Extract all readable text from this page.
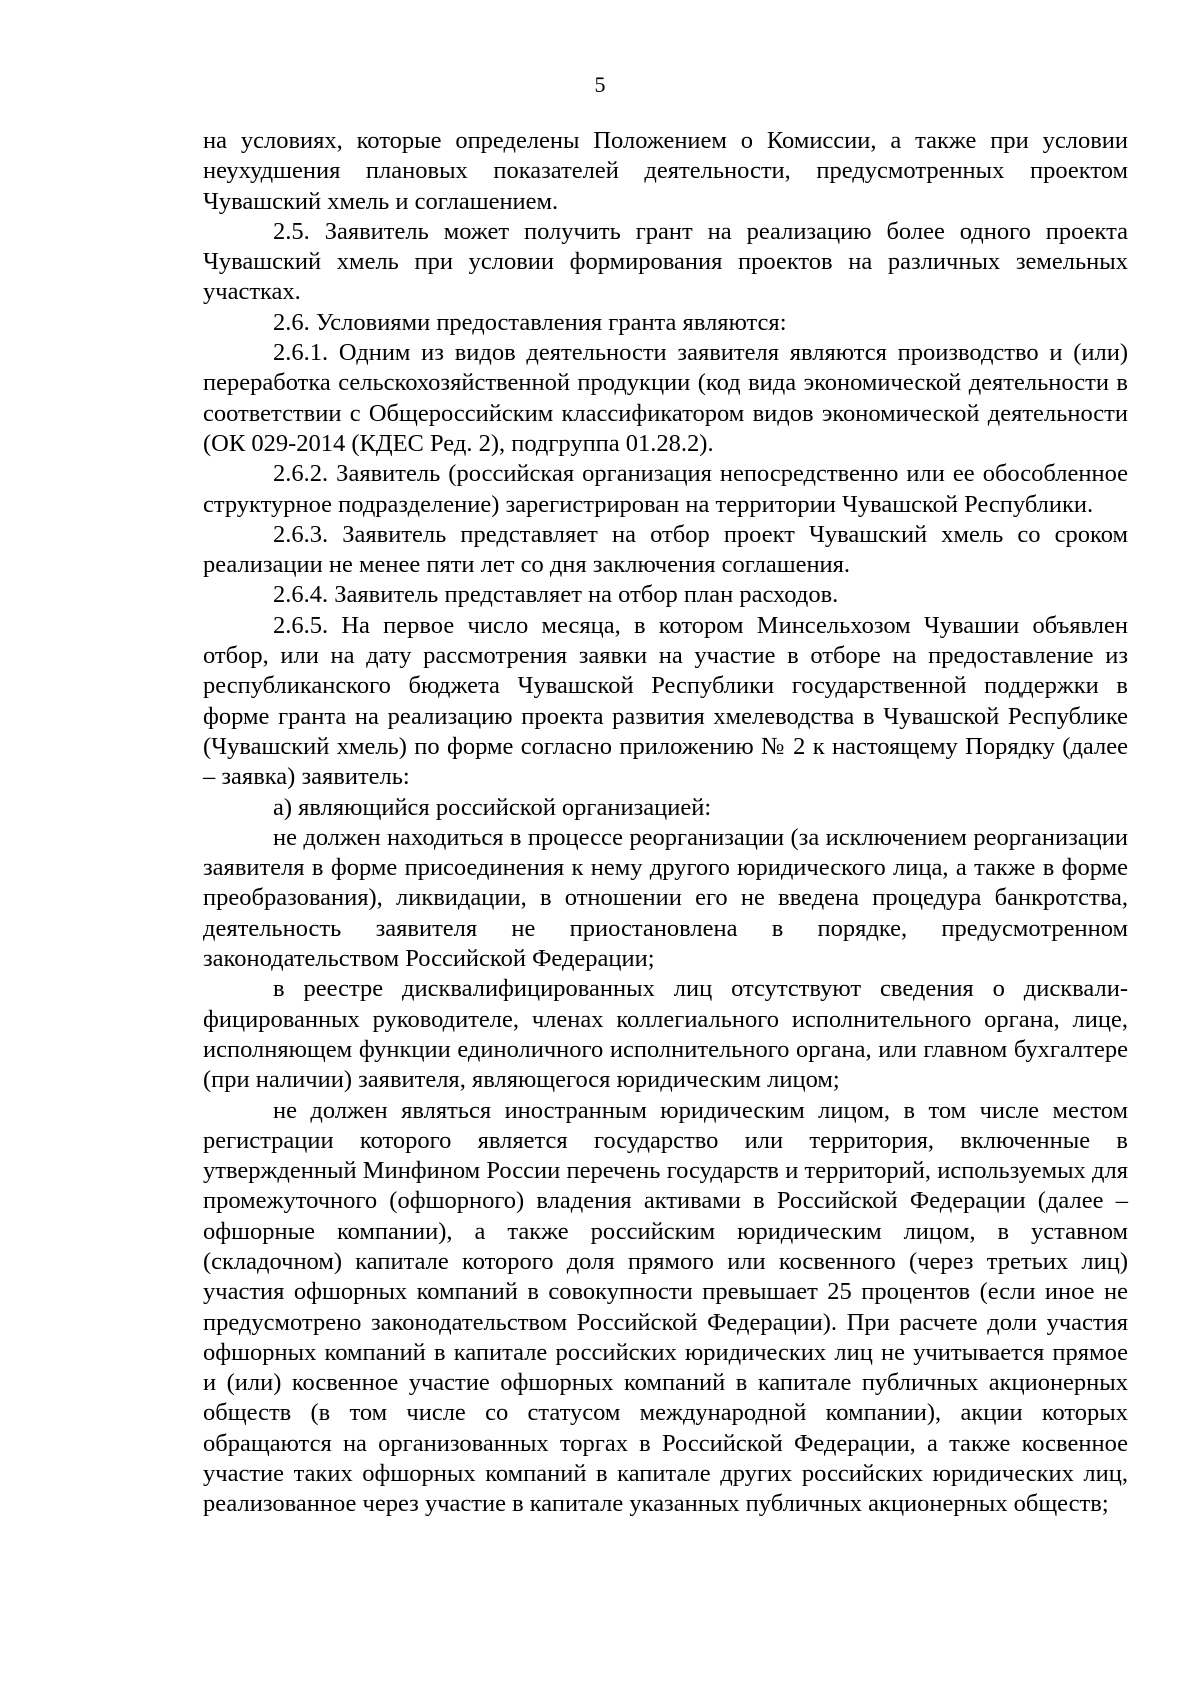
5

на условиях, которые определены Положением о Комиссии, а также при условии неухудшения плановых показателей деятельности, предусмотренных проектом Чувашский хмель и соглашением.

2.5. Заявитель может получить грант на реализацию более одного проекта Чувашский хмель при условии формирования проектов на различных земельных участках.

2.6. Условиями предоставления гранта являются:

2.6.1. Одним из видов деятельности заявителя являются производство и (или) переработка сельскохозяйственной продукции (код вида экономической деятельности в соответствии с Общероссийским классификатором видов экономической деятельности (ОК 029-2014 (КДЕС Ред. 2), подгруппа 01.28.2).

2.6.2. Заявитель (российская организация непосредственно или ее обособленное структурное подразделение) зарегистрирован на территории Чувашской Республики.

2.6.3. Заявитель представляет на отбор проект Чувашский хмель со сроком реализации не менее пяти лет со дня заключения соглашения.

2.6.4. Заявитель представляет на отбор план расходов.

2.6.5. На первое число месяца, в котором Минсельхозом Чувашии объявлен отбор, или на дату рассмотрения заявки на участие в отборе на предоставление из республиканского бюджета Чувашской Республики государственной поддержки в форме гранта на реализацию проекта развития хмелеводства в Чувашской Республике (Чувашский хмель) по форме согласно приложению № 2 к настоящему Порядку (далее – заявка) заявитель:

а) являющийся российской организацией:

не должен находиться в процессе реорганизации (за исключением реорганизации заявителя в форме присоединения к нему другого юридического лица, а также в форме преобразования), ликвидации, в отношении его не введена процедура банкротства, деятельность заявителя не приостановлена в порядке, предусмотренном законодательством Российской Федерации;

в реестре дисквалифицированных лиц отсутствуют сведения о дисквалифицированных руководителе, членах коллегиального исполнительного органа, лице, исполняющем функции единоличного исполнительного органа, или главном бухгалтере (при наличии) заявителя, являющегося юридическим лицом;

не должен являться иностранным юридическим лицом, в том числе местом регистрации которого является государство или территория, включенные в утвержденный Минфином России перечень государств и территорий, используемых для промежуточного (офшорного) владения активами в Российской Федерации (далее – офшорные компании), а также российским юридическим лицом, в уставном (складочном) капитале которого доля прямого или косвенного (через третьих лиц) участия офшорных компаний в совокупности превышает 25 процентов (если иное не предусмотрено законодательством Российской Федерации). При расчете доли участия офшорных компаний в капитале российских юридических лиц не учитывается прямое и (или) косвенное участие офшорных компаний в капитале публичных акционерных обществ (в том числе со статусом международной компании), акции которых обращаются на организованных торгах в Российской Федерации, а также косвенное участие таких офшорных компаний в капитале других российских юридических лиц, реализованное через участие в капитале указанных публичных акционерных обществ;
